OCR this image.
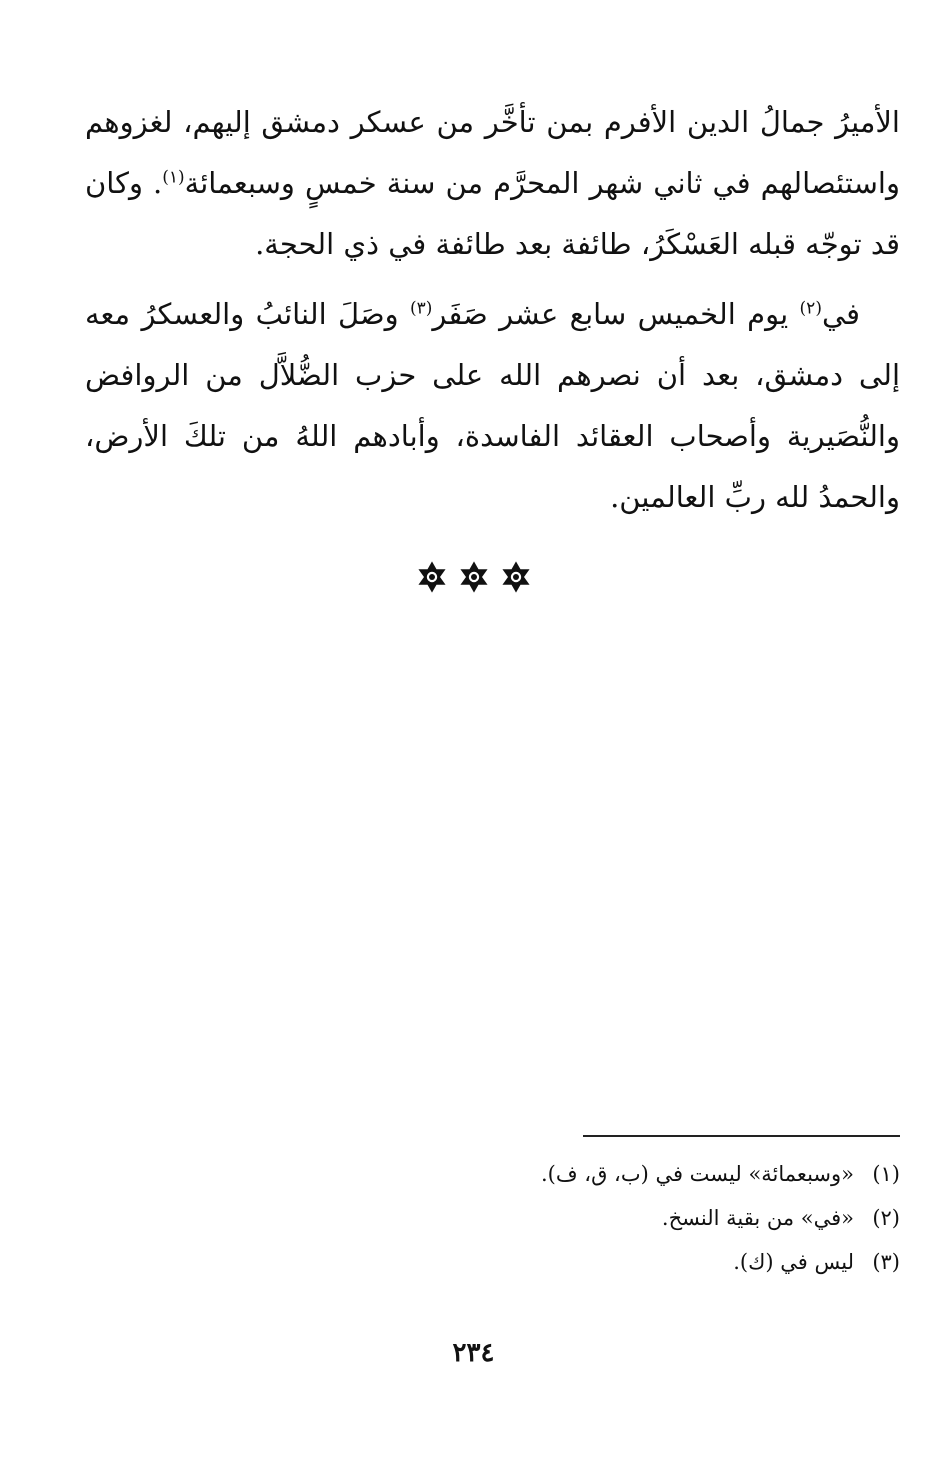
الأميرُ جمالُ الدين الأفرم بمن تأخَّر من عسكر دمشق إليهم، لغزوهم واستئصالهم في ثاني شهر المحرَّم من سنة خمسٍ وسبعمائة$^{(١)}$. وكان قد توجّه قبله العَسْكَرُ، طائفة بعد طائفة في ذي الحجة.

في$^{(٢)}$ يوم الخميس سابع عشر صَفَر$^{(٣)}$ وصَلَ النائبُ والعسكرُ معه إلى دمشق، بعد أن نصرهم الله على حزب الضُّلاَّل من الروافض والنُّصَيرية وأصحاب العقائد الفاسدة، وأبادهم اللهُ من تلكَ الأرض، والحمدُ لله ربِّ العالمين.

(١)«وسبعمائة» ليست في (ب، ق، ف).
(٢)«في» من بقية النسخ.
(٣)ليس في (ك).
٢٣٤
